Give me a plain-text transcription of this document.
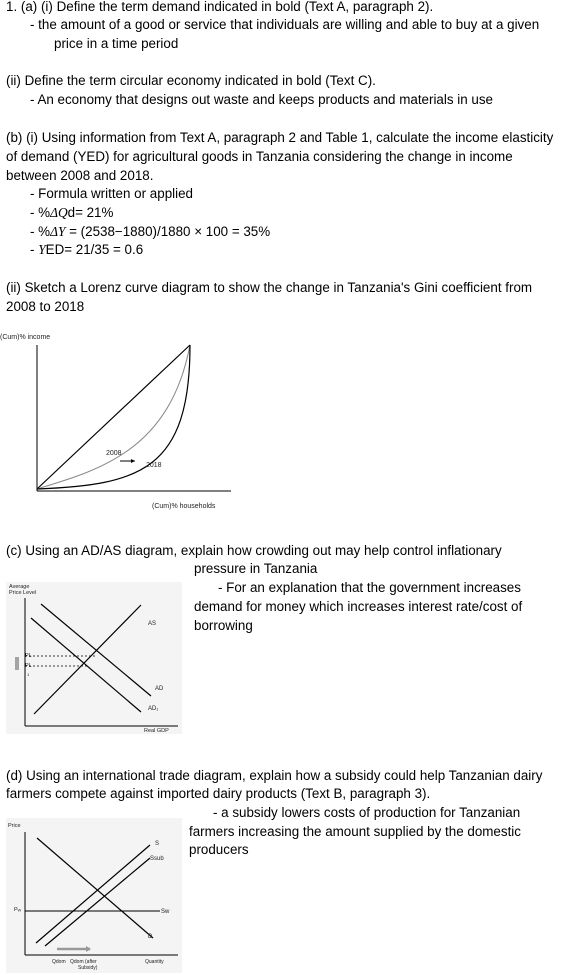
1. (a) (i) Define the term demand indicated in bold (Text A, paragraph 2).
- the amount of a good or service that individuals are willing and able to buy at a given
price in a time period
(ii) Define the term circular economy indicated in bold (Text C).
- An economy that designs out waste and keeps products and materials in use
(b) (i) Using information from Text A, paragraph 2 and Table 1, calculate the income elasticity
of demand (YED) for agricultural goods in Tanzania considering the change in income
between 2008 and 2018.
- Formula written or applied
- %ΔQd= 21%
- %ΔY = (2538−1880)/1880 × 100 = 35%
- YED= 21/35 = 0.6
(ii) Sketch a Lorenz curve diagram to show the change in Tanzania's Gini coefficient from
2008 to 2018
(Cum)% income
2008
2018
(Cum)% households
(c) Using an AD/AS diagram, explain how crowding out may help control inflationary
pressure in Tanzania
- For an explanation that the government increases
demand for money which increases interest rate/cost of
borrowing
Average
Price Level
AS
AD
AD₁
PL
PL
1
Real GDP
(d) Using an international trade diagram, explain how a subsidy could help Tanzanian dairy
farmers compete against imported dairy products (Text B, paragraph 3).
- a subsidy lowers costs of production for Tanzanian
farmers increasing the amount supplied by the domestic
producers
Price
S
Ssub
Sw
D
Pᵥᵥ
Qdom Qdom (after
Subsidy)
Quantity
